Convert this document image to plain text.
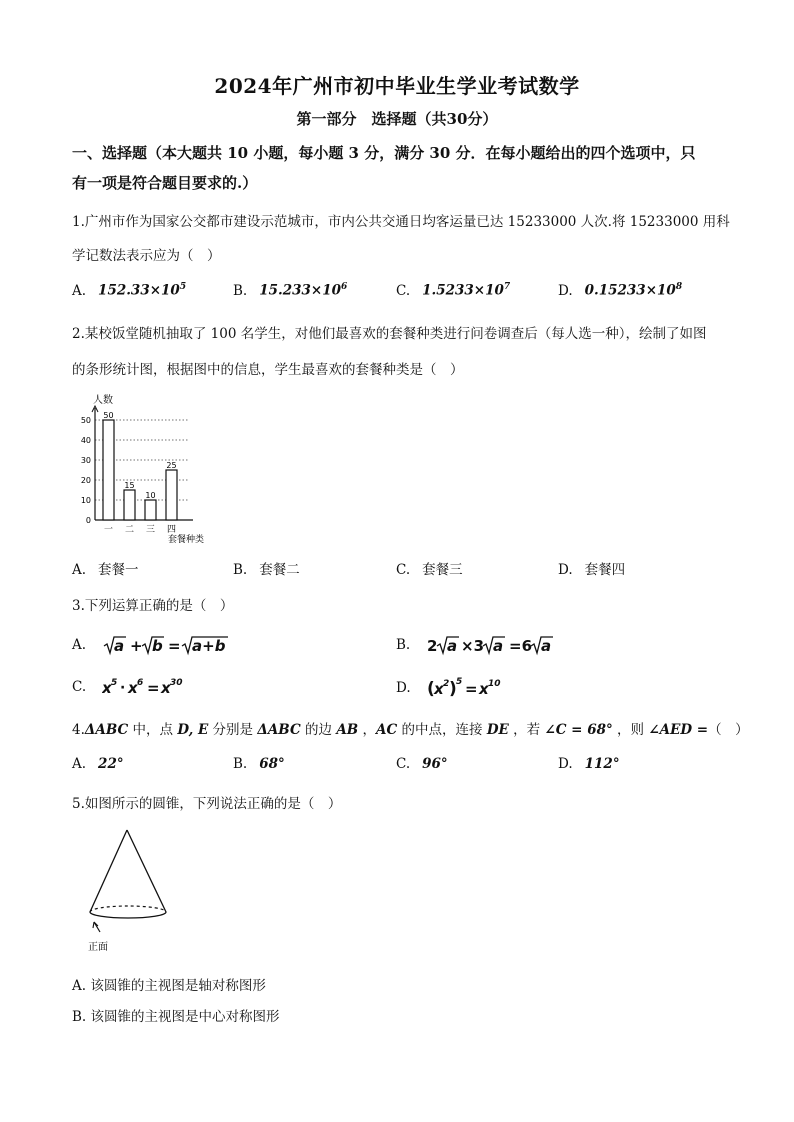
2024年广州市初中毕业生学业考试数学
第一部分　选择题（共30分）
一、选择题（本大题共 10 小题，每小题 3 分，满分 30 分．在每小题给出的四个选项中，只
有一项是符合题目要求的.）
1.广州市作为国家公交都市建设示范城市，市内公共交通日均客运量已达 15233000 人次.将 15233000 用科
学记数法表示应为（　）
A. $152.33\times 10^5$	B. $15.233\times 10^6$	C. $1.5233\times 10^7$	D. $0.15233\times 10^8$
2.某校饭堂随机抽取了 100 名学生，对他们最喜欢的套餐种类进行问卷调查后（每人选一种），绘制了如图
的条形统计图，根据图中的信息，学生最喜欢的套餐种类是（　）
人数
套餐种类
0
10
20
30
40
50
50
一
15
二
10
三
25
四
A. 套餐一	B. 套餐二	C. 套餐三	D. 套餐四
3.下列运算正确的是（　）
A. a + b = a+b	B. 2 a ×3 a =6 a
C. x 5 · x 6 = x 30	D. ( x 2 ) 5 = x 10
4.ΔABC 中，点 D, E 分别是 ΔABC 的边 AB ，AC 的中点，连接 DE ，若 ∠C = 68° ，则 ∠AED =（　）
A. 22°	B. 68°	C. 96°	D. 112°
5.如图所示的圆锥，下列说法正确的是（　）
正面
A. 该圆锥的主视图是轴对称图形
B. 该圆锥的主视图是中心对称图形
